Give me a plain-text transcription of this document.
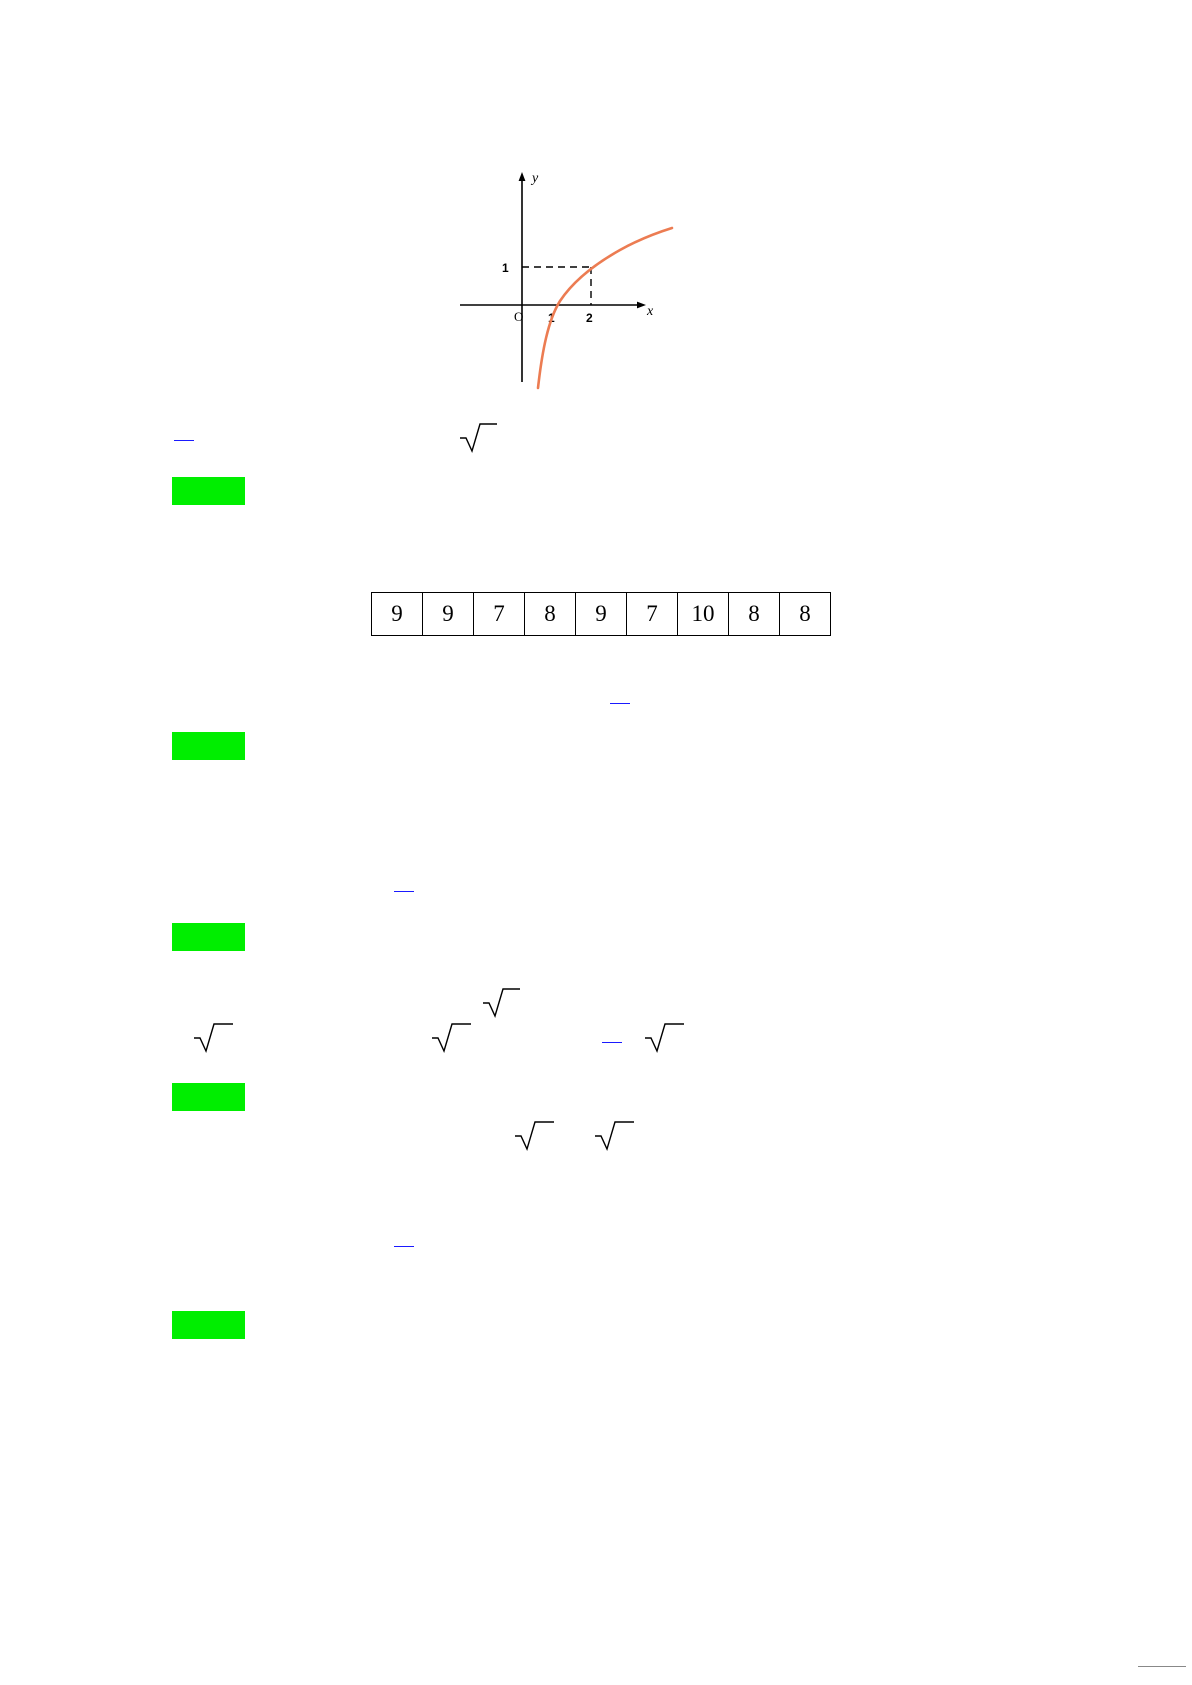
y
x
O 1	2
1
9	9	7	8	9	7	10	8	8
